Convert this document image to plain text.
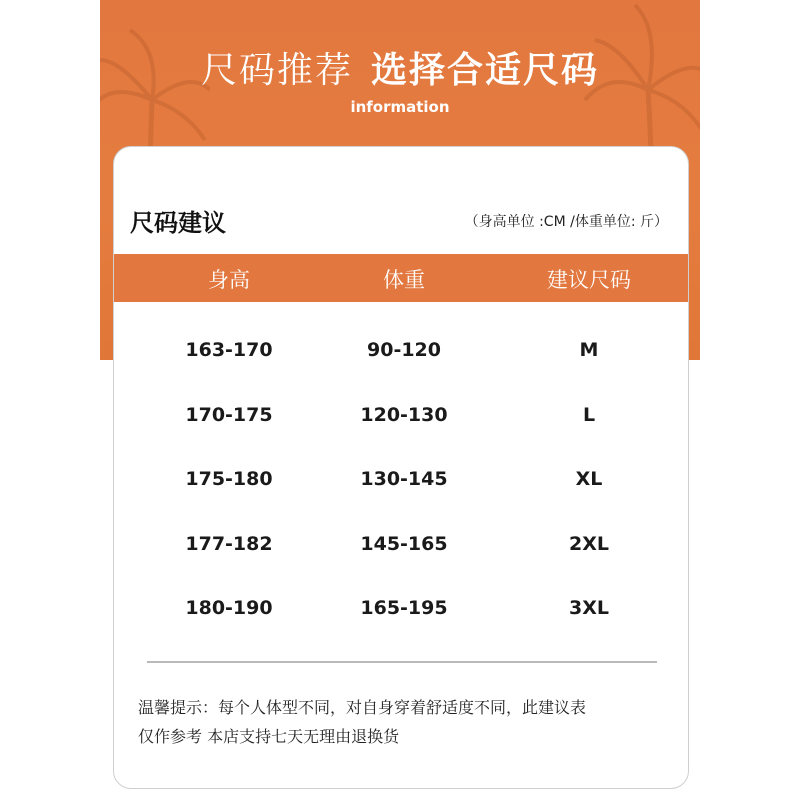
尺码推荐 选择合适尺码
information
尺码建议	（身高单位 :CM /体重单位: 斤）
身高	体重	建议尺码
163-170	90-120	M
170-175	120-130	L
175-180	130-145	XL
177-182	145-165	2XL
180-190	165-195	3XL
温馨提示：每个人体型不同，对自身穿着舒适度不同，此建议表
仅作参考 本店支持七天无理由退换货
